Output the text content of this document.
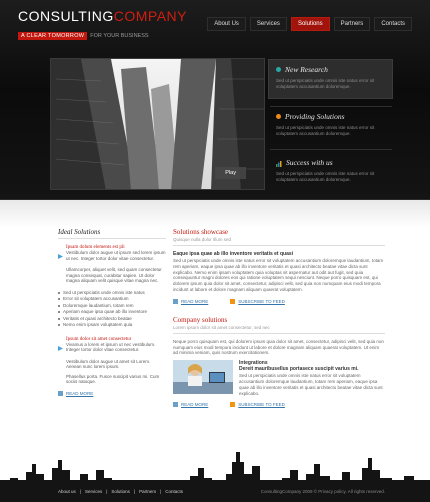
CONSULTINGCOMPANY
A CLEAR TOMORROW FOR YOUR BUSINESS
About Us	Services	Solutions	Partners	Contacts
Play
New Research
Sed ut perspiciatis unde omnis iste natus error sit voluptatem accusantium doloremque.
Providing Solutions
Sed ut perspiciatis unde omnis iste natus error sit voluptatem accusantium doloremque.
Success with us
Sed ut perspiciatis unde omnis iste natus error sit voluptatem accusantium doloremque.
Ideal Solutions
Ipsam dolum elements est pli
Vestibulum dolor augue ut ipsum sed lorem ipsum ut nec. Integer tortor dolor vitae consectetur.
Ullamcorper, aliquet velit, sed quam consectetur magna consequat, curabitur sapien. Ut dolor magna aliquam velit quisque vitae magna nec.
Sed ut perspiciatis unde omnis iste natus
Error sit voluptatem accusantium
Doloremque laudantium, totam rem
Aperiam eaque ipsa quae ab illo inventore
Veritatis et quasi architecto beatae
Nemo enim ipsam voluptatem quia
Ipsum dolor sit amet consectetur
Vivamus a lorem et ipsum ut nec vestibulum. Integer tortor dolor vitae consectetur.
Vestibulum dolor augue ut amet sit Lorem. Aenean nunc lorem ipsum.
Phasellus porta. Fusce suscipit varius mi. Cum sociis natoque.
READ MORE
Solutions showcase
Quisque nulla dolor Illum sed
Eaque ipsa quae ab illo inventore veritatis et quasi
Sed ut perspiciatis unde omnis iste natus error sit voluptatem accusantium doloremque laudantium, totam rem aperiam, eaque ipsa quae ab illo inventore veritatis et quasi architecto beatae vitae dicta sunt explicabo. Nemo enim ipsam voluptatem quia voluptas sit aspernatur aut odit aut fugit, sed quia consequuntur magni dolores eos qui ratione voluptatem sequi nesciunt. Neque porro quisquam est, qui dolorem ipsum quia dolor sit amet, consectetur, adipisci velit, sed quia non numquam eius modi tempora incidunt ut labore et dolore magnam aliquam quaerat voluptatem.
READ MORE	SUBSCRIBE TO FEED
Company solutions
Lorem ipsum dolor sit amet consectetur, sed nec
Neque porro quisquam est, qui dolorem ipsum quia dolor sit amet, consectetur, adipisci velit, sed quia non numquam eius modi tempora incidunt ut labore et dolore magnam aliquam quaerat voluptatem. Ut enim ad minima veniam, quis nostrum exercitationem.
Integrations
Dereit mauribusellus portasece suscipit varius mi.
Sed ut perspiciatis unde omnis iste natus error sit voluptatem accusantium doloremque laudantium, totam rem aperiam, eaque ipsa quae ab illo inventore veritatis et quasi architecto beatae vitae dicta sunt explicabo.
READ MORE	SUBSCRIBE TO FEED
About us | Services | Solutions | Partners | Contacts	ConsultingCompany 2009 © Privacy policy. All rights reserved.
